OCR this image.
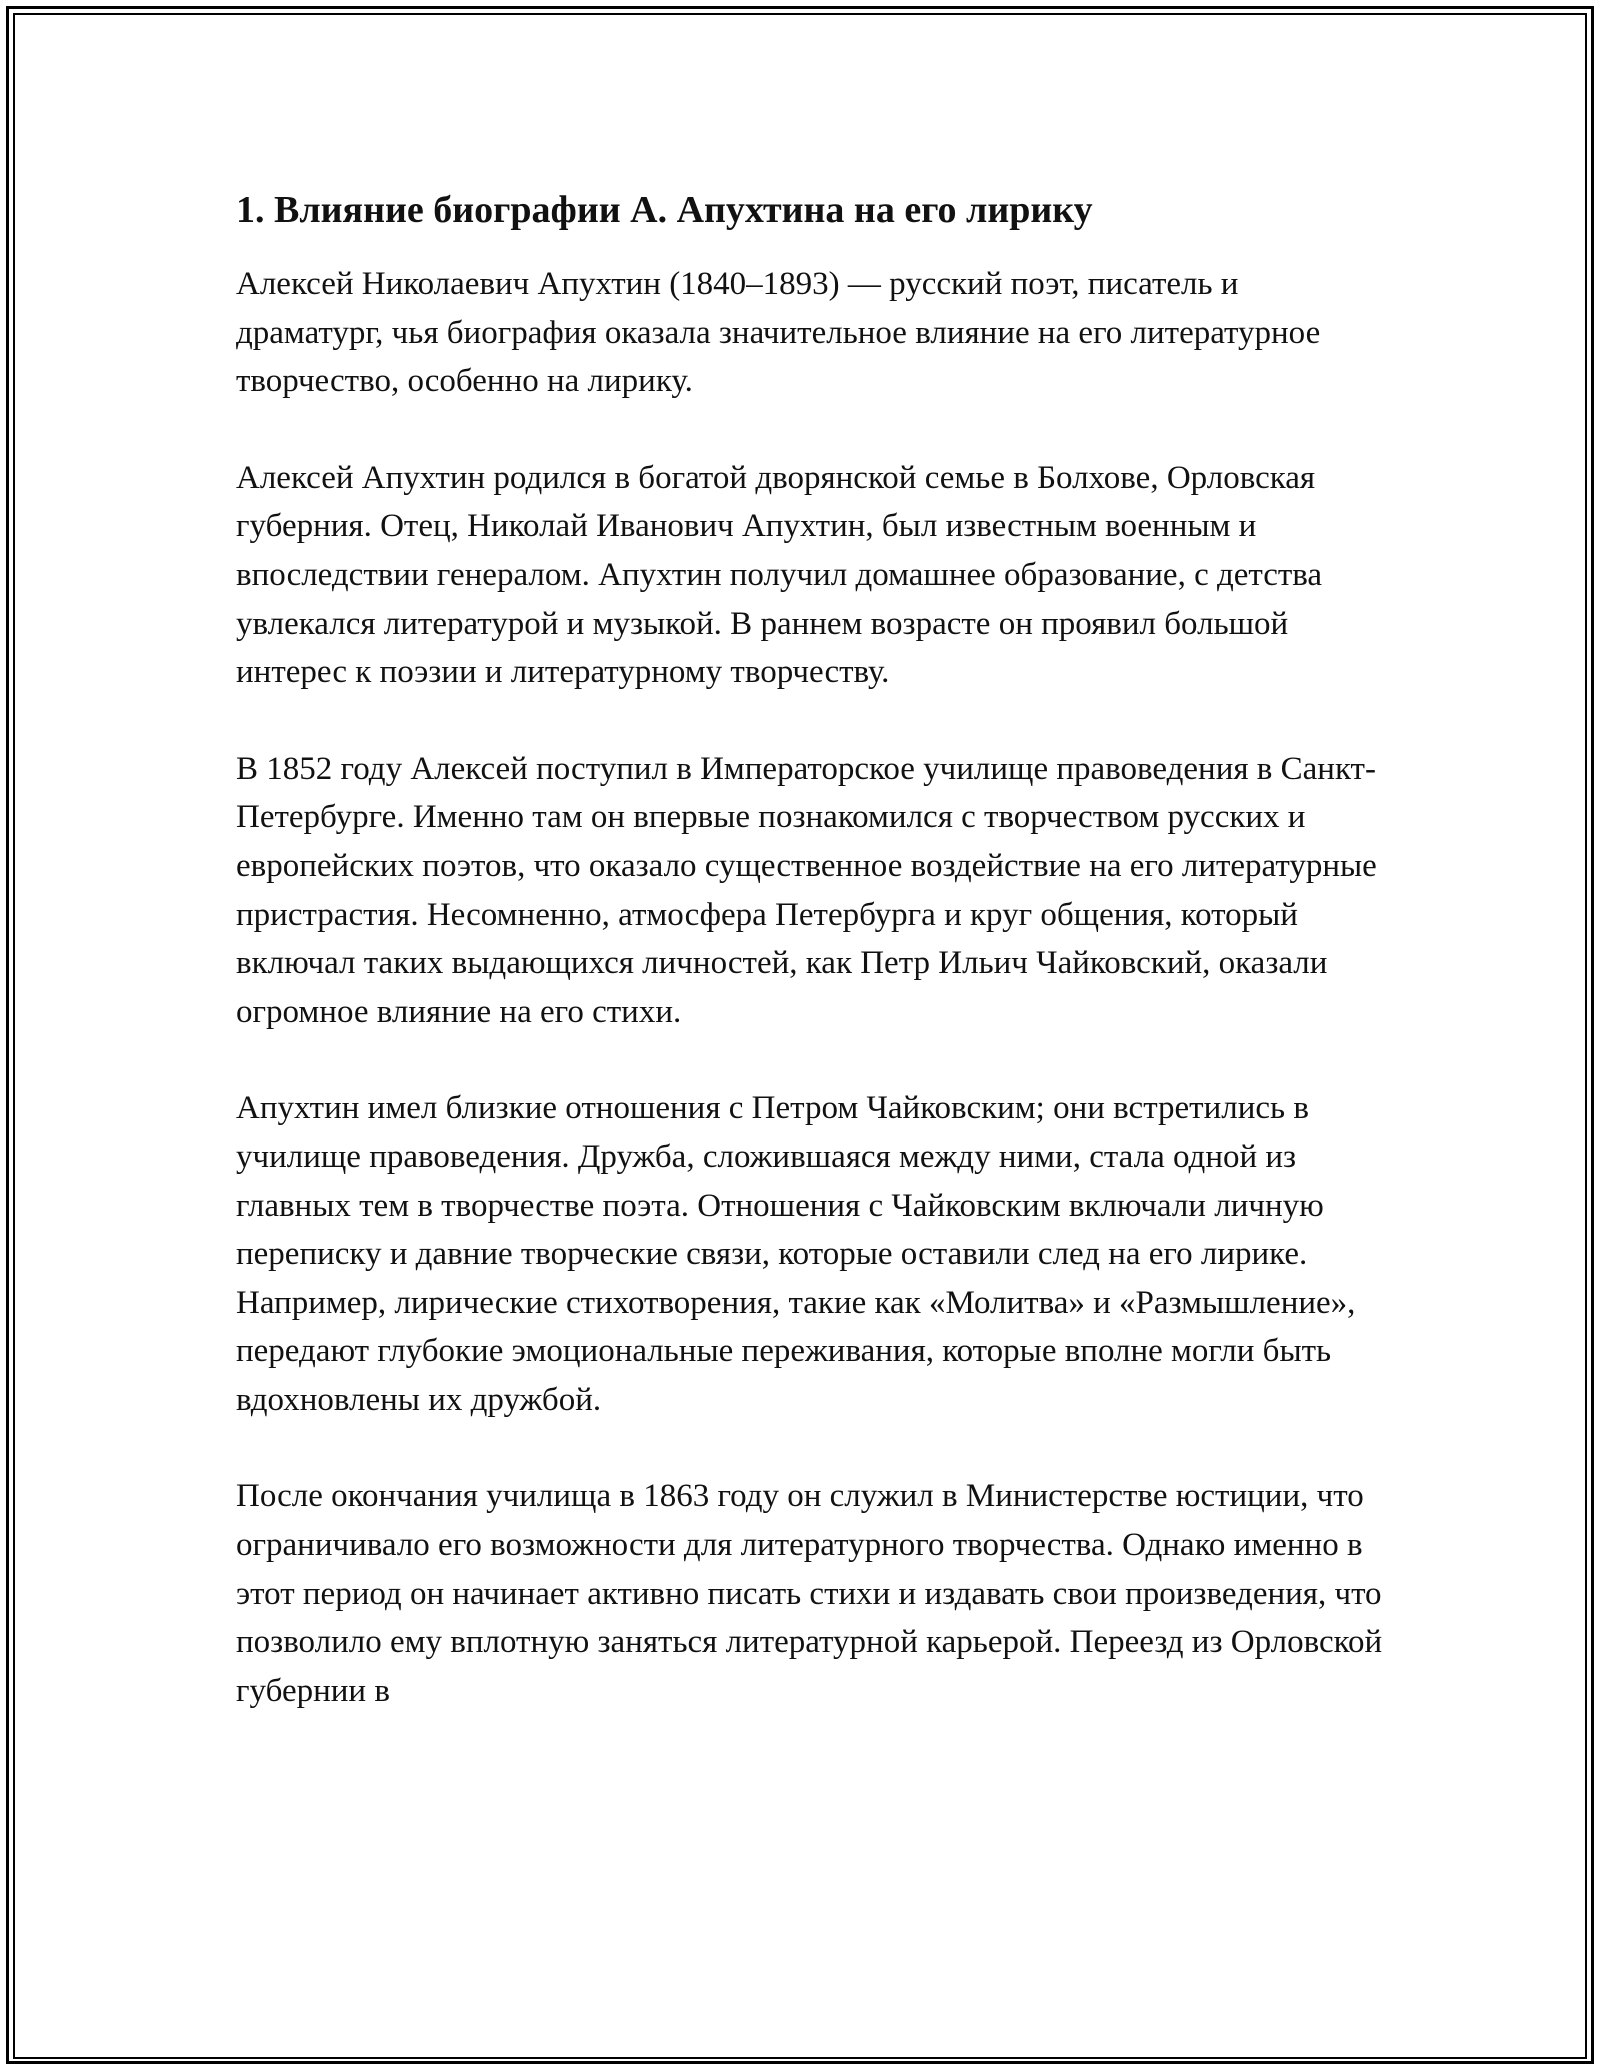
1. Влияние биографии А. Апухтина на его лирику

Алексей Николаевич Апухтин (1840–1893) — русский поэт, писатель и драматург, чья биография оказала значительное влияние на его литературное творчество, особенно на лирику.

Алексей Апухтин родился в богатой дворянской семье в Болхове, Орловская губерния. Отец, Николай Иванович Апухтин, был известным военным и впоследствии генералом. Апухтин получил домашнее образование, с детства увлекался литературой и музыкой. В раннем возрасте он проявил большой интерес к поэзии и литературному творчеству.

В 1852 году Алексей поступил в Императорское училище правоведения в Санкт-Петербурге. Именно там он впервые познакомился с творчеством русских и европейских поэтов, что оказало существенное воздействие на его литературные пристрастия. Несомненно, атмосфера Петербурга и круг общения, который включал таких выдающихся личностей, как Петр Ильич Чайковский, оказали огромное влияние на его стихи.

Апухтин имел близкие отношения с Петром Чайковским; они встретились в училище правоведения. Дружба, сложившаяся между ними, стала одной из главных тем в творчестве поэта. Отношения с Чайковским включали личную переписку и давние творческие связи, которые оставили след на его лирике. Например, лирические стихотворения, такие как «Молитва» и «Размышление», передают глубокие эмоциональные переживания, которые вполне могли быть вдохновлены их дружбой.

После окончания училища в 1863 году он служил в Министерстве юстиции, что ограничивало его возможности для литературного творчества. Однако именно в этот период он начинает активно писать стихи и издавать свои произведения, что позволило ему вплотную заняться литературной карьерой. Переезд из Орловской губернии в
